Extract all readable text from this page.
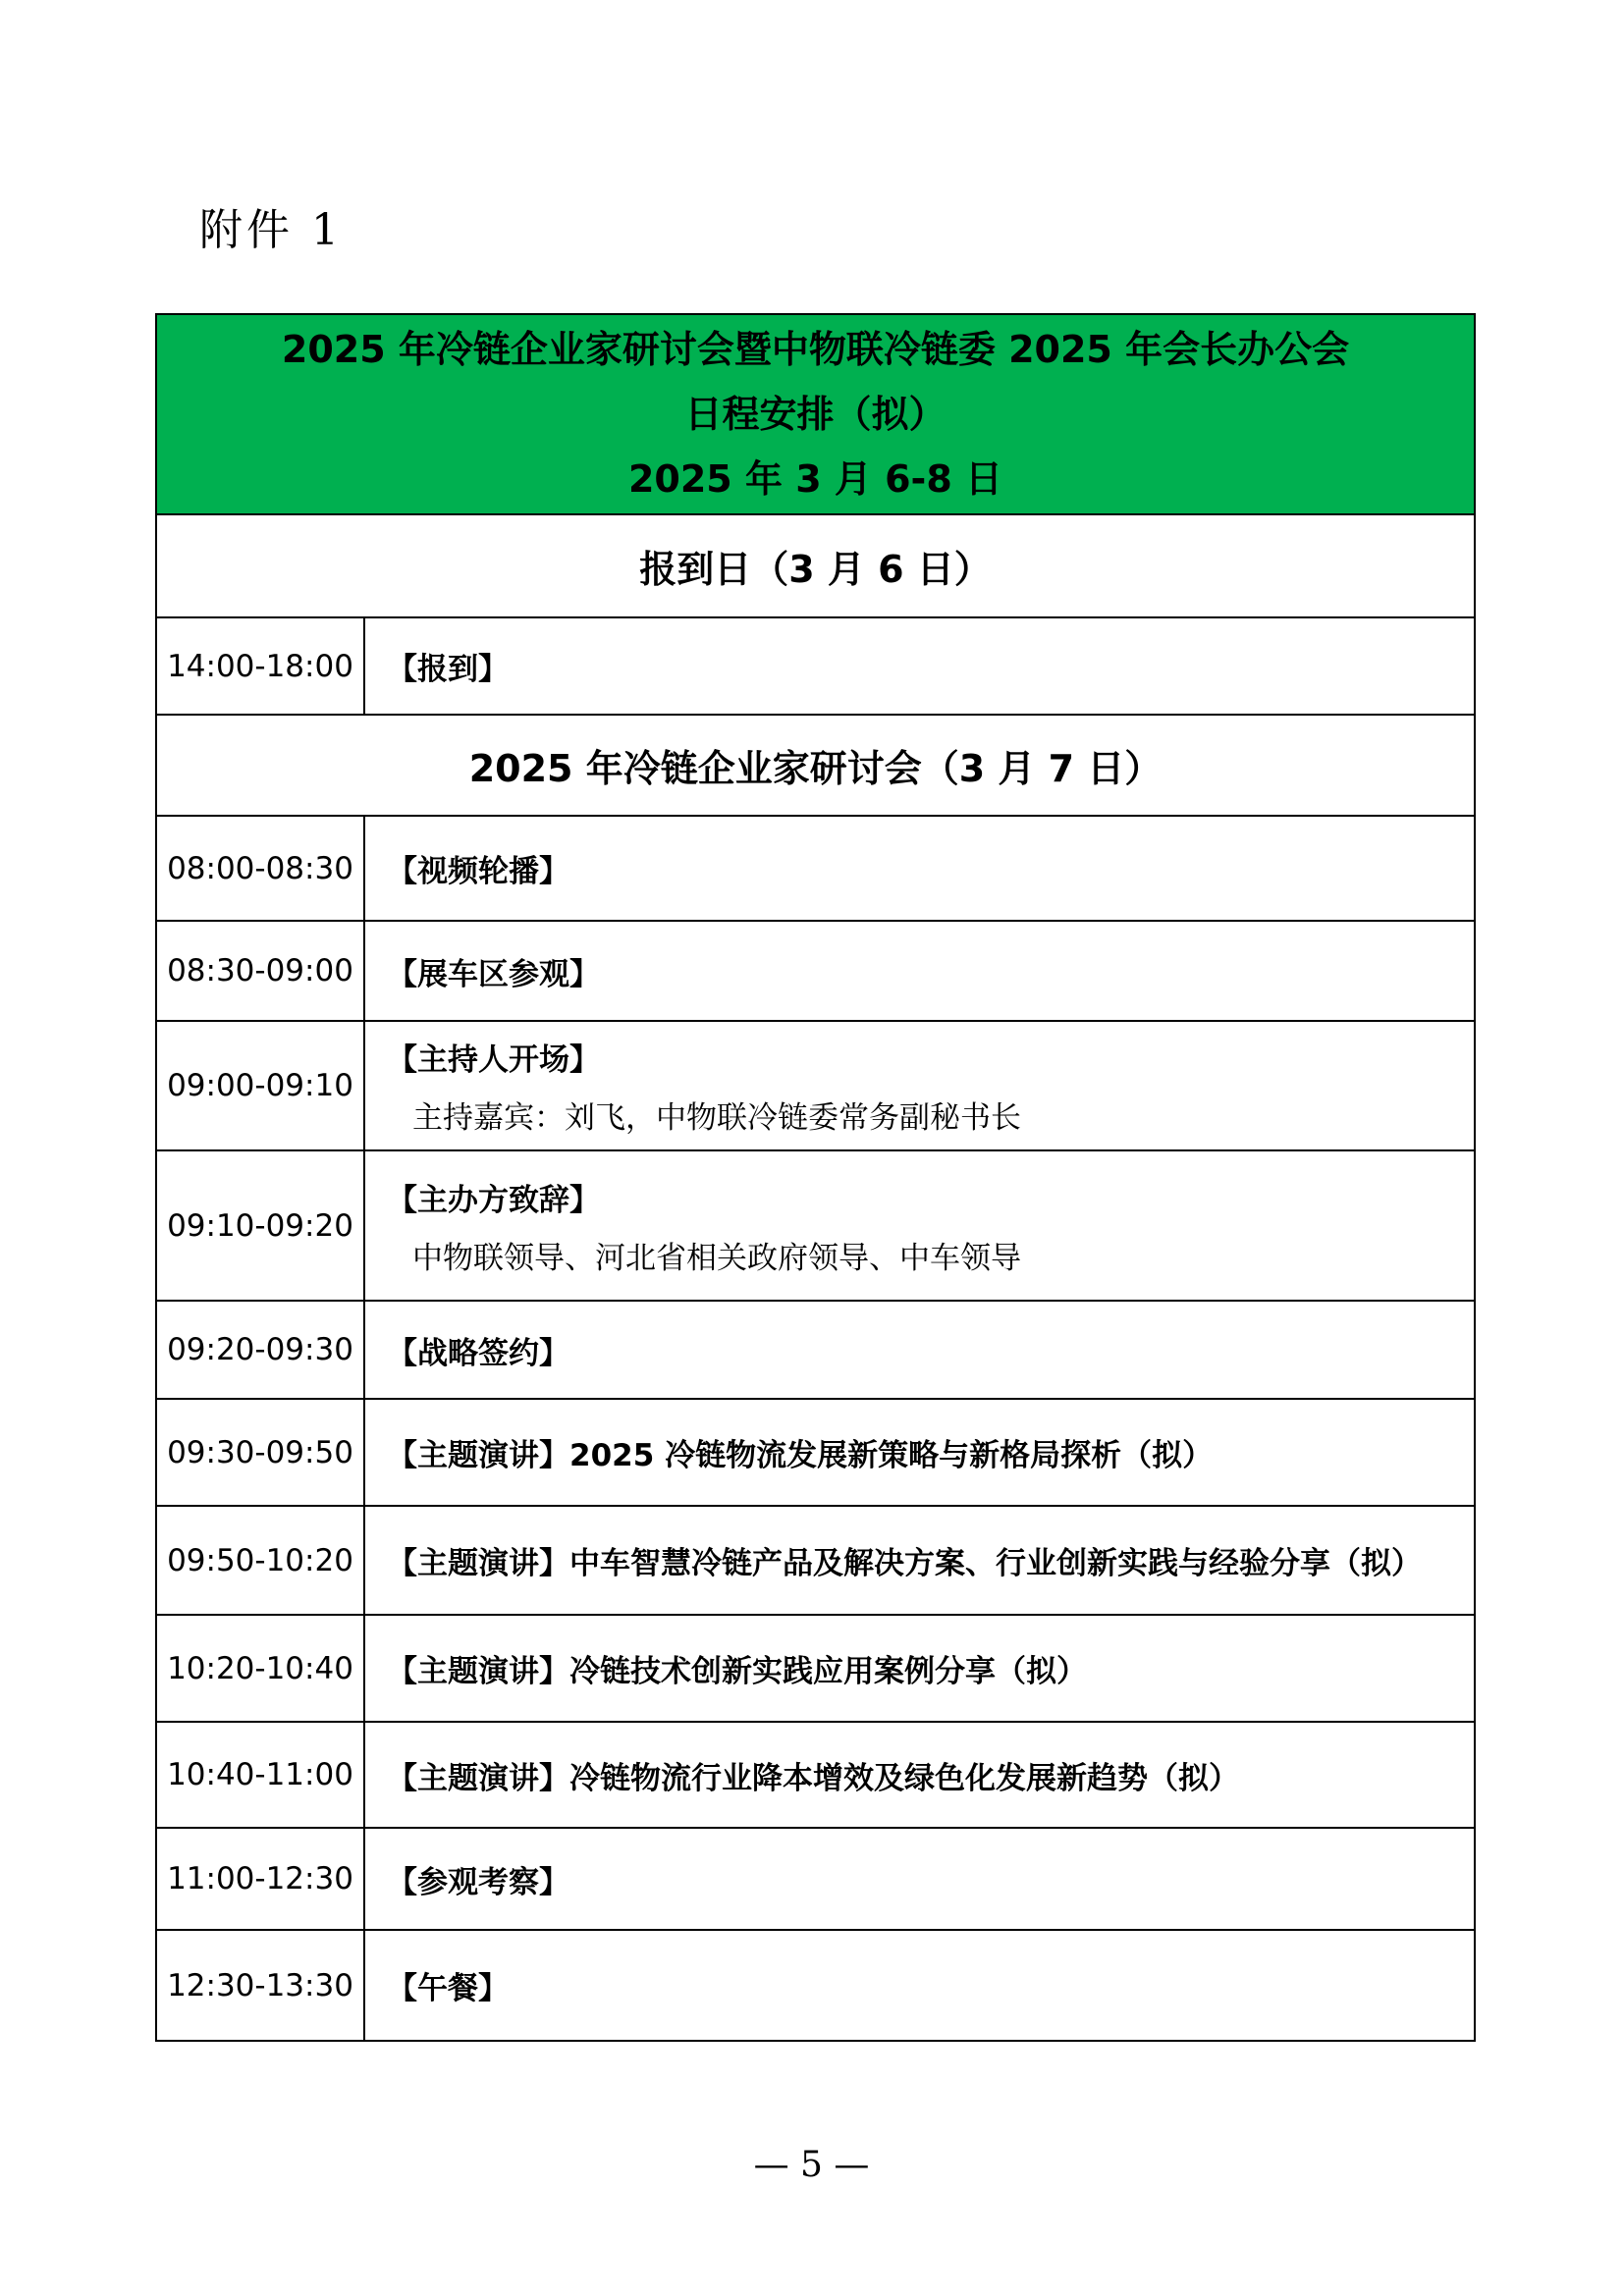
附件 1
2025 年冷链企业家研讨会暨中物联冷链委 2025 年会长办公会
日程安排（拟）
2025 年 3 月 6-8 日	

报到日（3 月 6 日）	
14:00-18:00	【报到】

2025 年冷链企业家研讨会（3 月 7 日）	
08:00-08:30	【视频轮播】

08:30-09:00	【展车区参观】

09:00-09:10	【主持人开场】
主持嘉宾：刘飞，中物联冷链委常务副秘书长

09:10-09:20	【主办方致辞】
中物联领导、河北省相关政府领导、中车领导

09:20-09:30	【战略签约】

09:30-09:50	【主题演讲】2025 冷链物流发展新策略与新格局探析（拟）

09:50-10:20	【主题演讲】中车智慧冷链产品及解决方案、行业创新实践与经验分享（拟）

10:20-10:40	【主题演讲】冷链技术创新实践应用案例分享（拟）

10:40-11:00	【主题演讲】冷链物流行业降本增效及绿色化发展新趋势（拟）

11:00-12:30	【参观考察】

12:30-13:30	【午餐】
— 5 —
